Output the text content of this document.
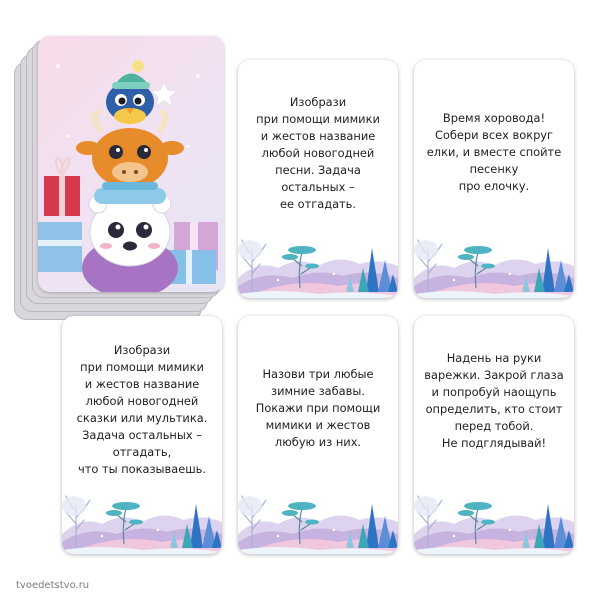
Изобрази
при помощи мимики
и жестов название
любой новогодней
песни. Задача
остальных –
ее отгадать.
Время хоровода!
Собери всех вокруг
елки, и вместе спойте
песенку
про елочку.
Изобрази
при помощи мимики
и жестов название
любой новогодней
сказки или мультика.
Задача остальных –
отгадать,
что ты показываешь.
Назови три любые
зимние забавы.
Покажи при помощи
мимики и жестов
любую из них.
Надень на руки
варежки. Закрой глаза
и попробуй наощупь
определить, кто стоит
перед тобой.
Не подглядывай!
tvoedetstvo.ru
